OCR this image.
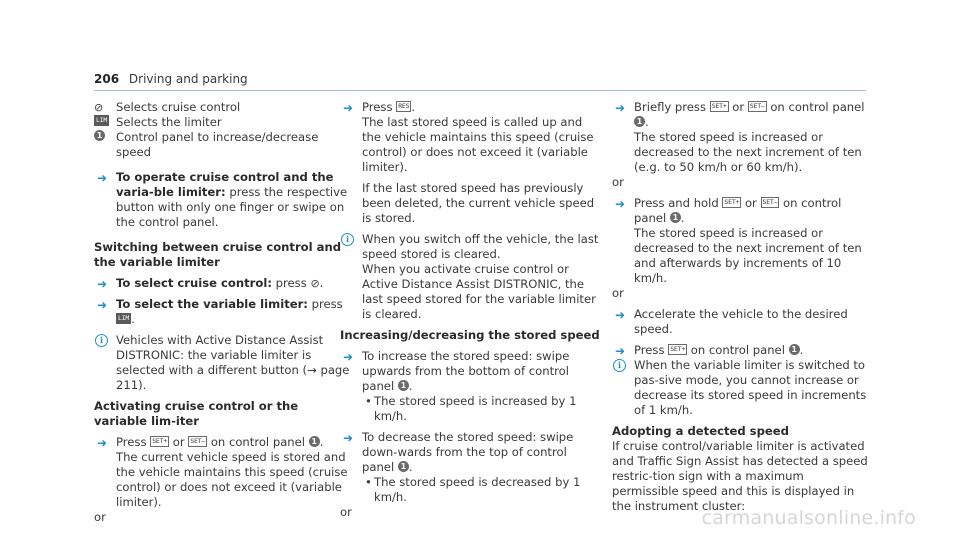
206 Driving and parking
⊘ Selects cruise control
LIM Selects the limiter
1 Control panel to increase/decrease speed
➜ To operate cruise control and the varia-ble limiter: press the respective button with only one finger or swipe on the control panel.

Switching between cruise control and the variable limiter

➜ To select cruise control: press ⊘.
➜ To select the variable limiter: press LIM .
i	Vehicles with Active Distance Assist DISTRONIC: the variable limiter is selected with a different button (→ page 211).

Activating cruise control or the variable lim-iter

➜ Press SET+ or SET– on control panel 1 .
The current vehicle speed is stored and the vehicle maintains this speed (cruise control) or does not exceed it (variable limiter).

or

➜ Press RES .
The last stored speed is called up and the vehicle maintains this speed (cruise control) or does not exceed it (variable limiter).
If the last stored speed has previously been deleted, the current vehicle speed is stored.
i	When you switch off the vehicle, the last speed stored is cleared.
When you activate cruise control or Active Distance Assist DISTRONIC, the last speed stored for the variable limiter is cleared.

Increasing/decreasing the stored speed

➜ To increase the stored speed: swipe upwards from the bottom of control panel 1 .
• The stored speed is increased by 1 km/h.
➜ To decrease the stored speed: swipe down-wards from the top of control panel 1 .
• The stored speed is decreased by 1 km/h.

or

➜ Briefly press SET+ or SET– on control panel 1 .
The stored speed is increased or decreased to the next increment of ten (e.g. to 50 km/h or 60 km/h).

or

➜ Press and hold SET+ or SET– on control panel 1 .
The stored speed is increased or decreased to the next increment of ten and afterwards by increments of 10 km/h.

or

➜ Accelerate the vehicle to the desired speed.
➜ Press SET+ on control panel 1 .
i	When the variable limiter is switched to pas-sive mode, you cannot increase or decrease its stored speed in increments of 1 km/h.

Adopting a detected speed

If cruise control/variable limiter is activated and Traffic Sign Assist has detected a speed restric-tion sign with a maximum permissible speed and this is displayed in the instrument cluster:

carmanualsonline.info
